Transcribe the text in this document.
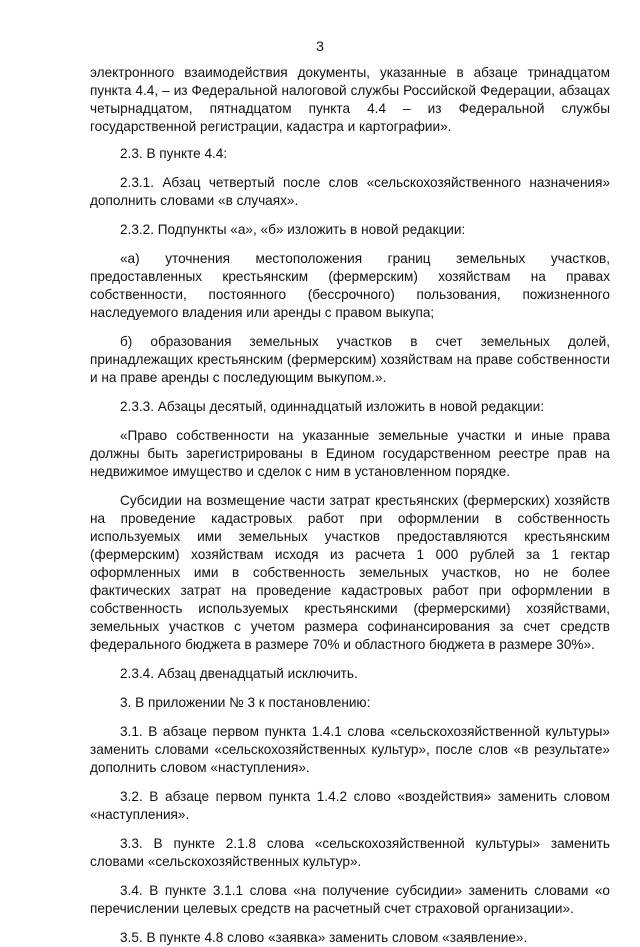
3

электронного взаимодействия документы, указанные в абзаце тринадцатом пункта 4.4, – из Федеральной налоговой службы Российской Федерации, абзацах четырнадцатом, пятнадцатом пункта 4.4 – из Федеральной службы государственной регистрации, кадастра и картографии».

2.3. В пункте 4.4:

2.3.1. Абзац четвертый после слов «сельскохозяйственного назначения» дополнить словами «в случаях».

2.3.2. Подпункты «а», «б» изложить в новой редакции:

«а) уточнения местоположения границ земельных участков, предоставленных крестьянским (фермерским) хозяйствам на правах собственности, постоянного (бессрочного) пользования, пожизненного наследуемого владения или аренды с правом выкупа;

б) образования земельных участков в счет земельных долей, принадлежащих крестьянским (фермерским) хозяйствам на праве собственности и на праве аренды с последующим выкупом.».

2.3.3. Абзацы десятый, одиннадцатый изложить в новой редакции:

«Право собственности на указанные земельные участки и иные права должны быть зарегистрированы в Едином государственном реестре прав на недвижимое имущество и сделок с ним в установленном порядке.

Субсидии на возмещение части затрат крестьянских (фермерских) хозяйств на проведение кадастровых работ при оформлении в собственность используемых ими земельных участков предоставляются крестьянским (фермерским) хозяйствам исходя из расчета 1 000 рублей за 1 гектар оформленных ими в собственность земельных участков, но не более фактических затрат на проведение кадастровых работ при оформлении в собственность используемых крестьянскими (фермерскими) хозяйствами, земельных участков с учетом размера софинансирования за счет средств федерального бюджета в размере 70% и областного бюджета в размере 30%».

2.3.4. Абзац двенадцатый исключить.

3. В приложении № 3 к постановлению:

3.1. В абзаце первом пункта 1.4.1 слова «сельскохозяйственной культуры» заменить словами «сельскохозяйственных культур», после слов «в результате» дополнить словом «наступления».

3.2. В абзаце первом пункта 1.4.2 слово «воздействия» заменить словом «наступления».

3.3. В пункте 2.1.8 слова «сельскохозяйственной культуры» заменить словами «сельскохозяйственных культур».

3.4. В пункте 3.1.1 слова «на получение субсидии» заменить словами «о перечислении целевых средств на расчетный счет страховой организации».

3.5. В пункте 4.8 слово «заявка» заменить словом «заявление».
